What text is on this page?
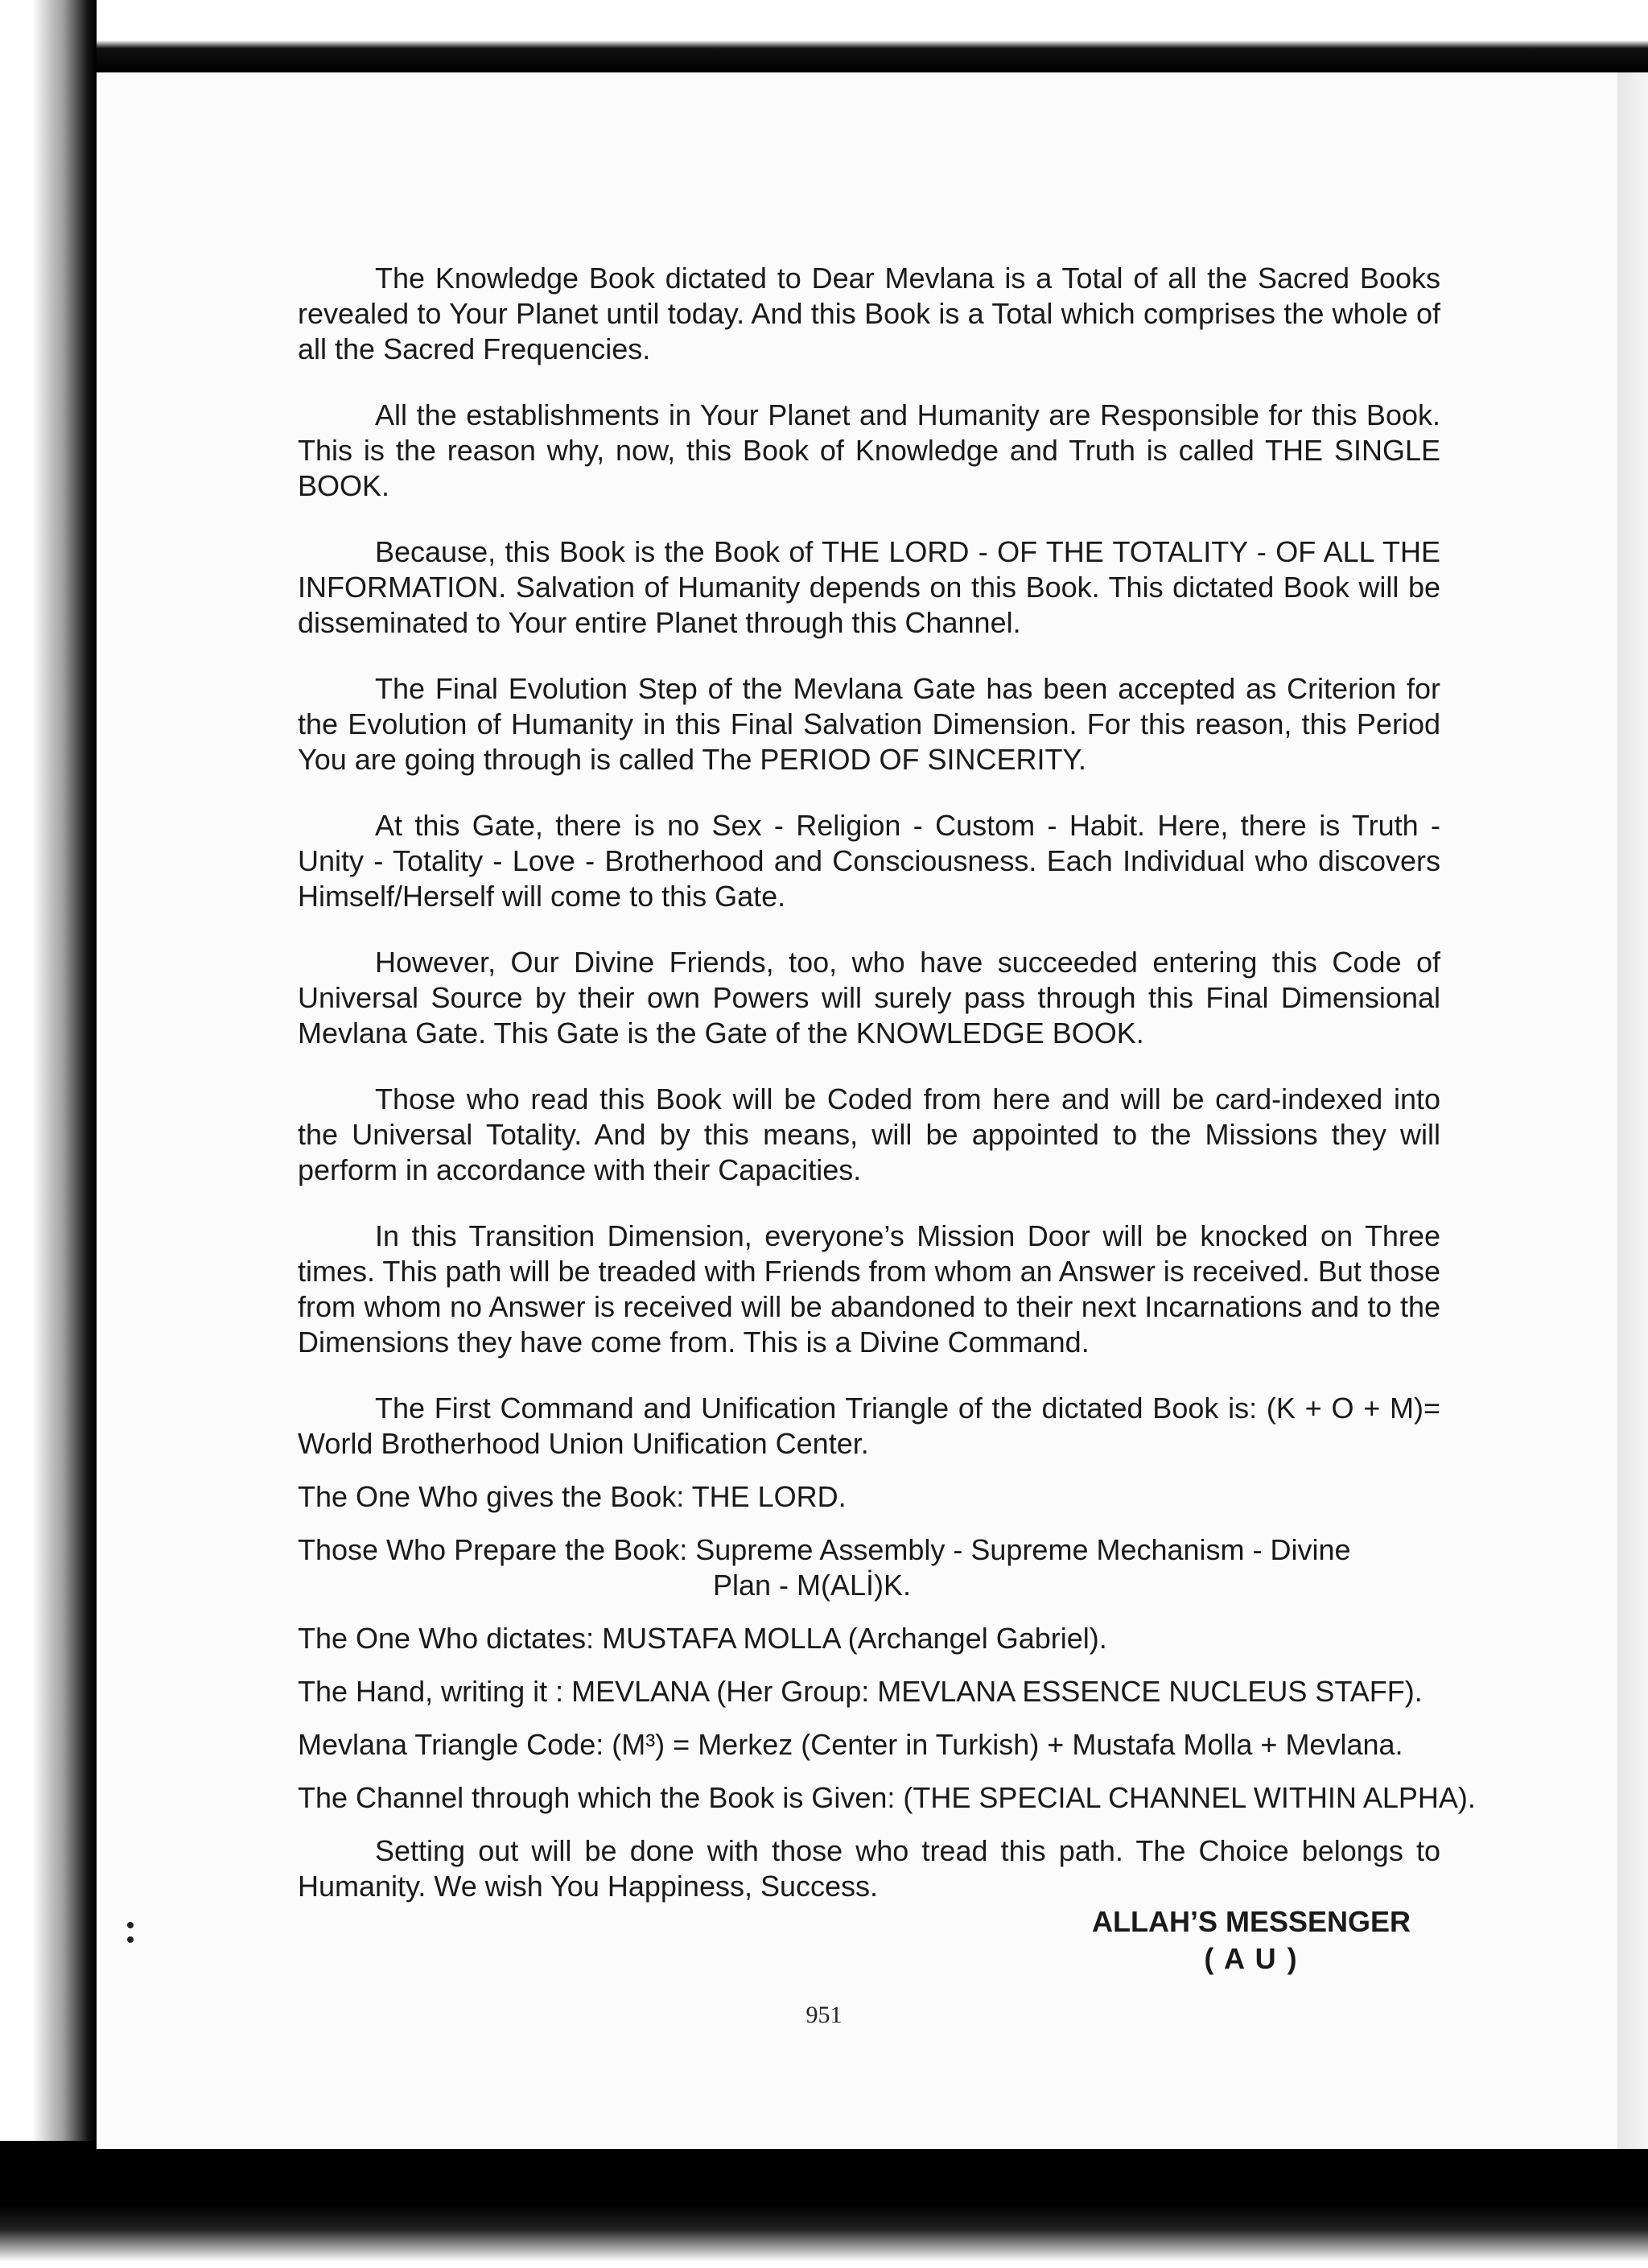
The Knowledge Book dictated to Dear Mevlana is a Total of all the Sacred Books revealed to Your Planet until today. And this Book is a Total which comprises the whole of all the Sacred Frequencies.

All the establishments in Your Planet and Humanity are Responsible for this Book. This is the reason why, now, this Book of Knowledge and Truth is called THE SINGLE BOOK.

Because, this Book is the Book of THE LORD - OF THE TOTALITY - OF ALL THE INFORMATION. Salvation of Humanity depends on this Book. This dictated Book will be disseminated to Your entire Planet through this Channel.

The Final Evolution Step of the Mevlana Gate has been accepted as Criterion for the Evolution of Humanity in this Final Salvation Dimension. For this reason, this Period You are going through is called The PERIOD OF SINCERITY.

At this Gate, there is no Sex - Religion - Custom - Habit. Here, there is Truth - Unity - Totality - Love - Brotherhood and Consciousness. Each Individual who discovers Himself/Herself will come to this Gate.

However, Our Divine Friends, too, who have succeeded entering this Code of Universal Source by their own Powers will surely pass through this Final Dimensional Mevlana Gate. This Gate is the Gate of the KNOWLEDGE BOOK.

Those who read this Book will be Coded from here and will be card-indexed into the Universal Totality. And by this means, will be appointed to the Missions they will perform in accordance with their Capacities.

In this Transition Dimension, everyone’s Mission Door will be knocked on Three times. This path will be treaded with Friends from whom an Answer is received. But those from whom no Answer is received will be abandoned to their next Incarnations and to the Dimensions they have come from. This is a Divine Command.

The First Command and Unification Triangle of the dictated Book is: (K + O + M)= World Brotherhood Union Unification Center.

The One Who gives the Book: THE LORD.

Those Who Prepare the Book: Supreme Assembly - Supreme Mechanism - Divine

Plan - M(ALİ)K.

The One Who dictates: MUSTAFA MOLLA (Archangel Gabriel).

The Hand, writing it : MEVLANA (Her Group: MEVLANA ESSENCE NUCLEUS STAFF).

Mevlana Triangle Code: (M³) = Merkez (Center in Turkish) + Mustafa Molla + Mevlana.

The Channel through which the Book is Given: (THE SPECIAL CHANNEL WITHIN ALPHA).

Setting out will be done with those who tread this path. The Choice belongs to Humanity. We wish You Happiness, Success.

ALLAH’S MESSENGER
( A U )
951
